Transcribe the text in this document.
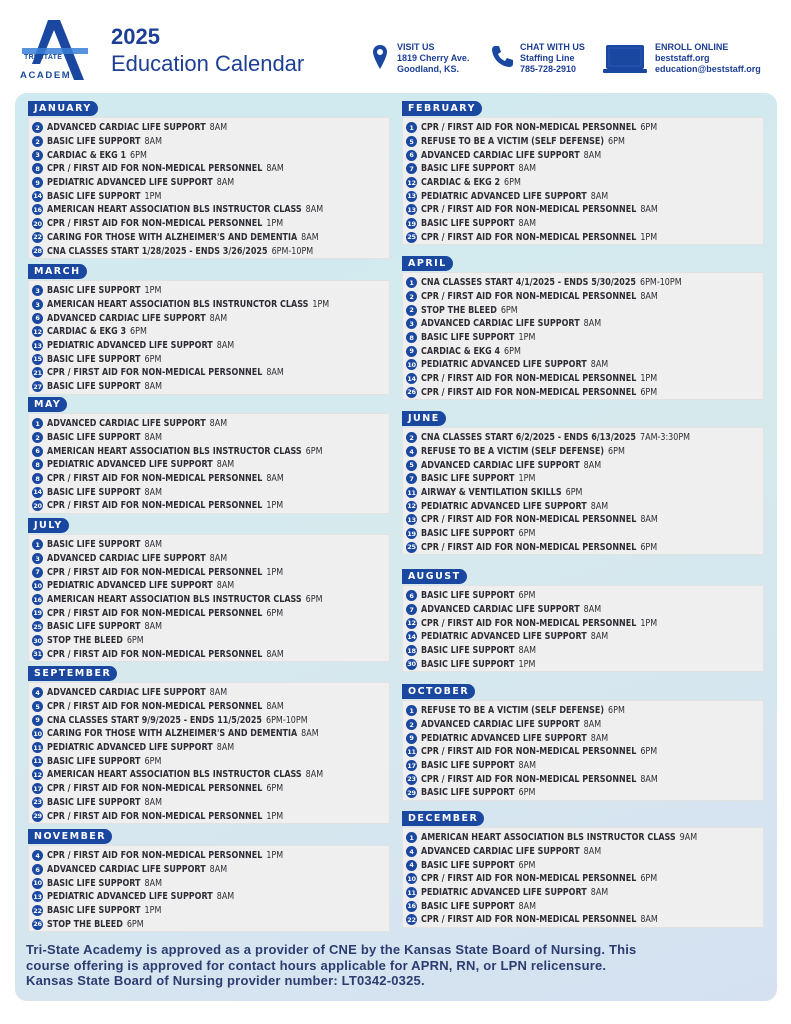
TRI-STATE
ACADEMY
2025
Education Calendar
VISIT US
1819 Cherry Ave.
Goodland, KS.
CHAT WITH US
Staffing Line
785-728-2910
ENROLL ONLINE
beststaff.org
education@beststaff.org
JANUARY
2 ADVANCED CARDIAC LIFE SUPPORT  8AM
2 BASIC LIFE SUPPORT  8AM
3 CARDIAC & EKG 1  6PM
8 CPR / FIRST AID FOR NON-MEDICAL PERSONNEL  8AM
9 PEDIATRIC ADVANCED LIFE SUPPORT  8AM
14 BASIC LIFE SUPPORT  1PM
16 AMERICAN HEART ASSOCIATION BLS INSTRUCTOR CLASS  8AM
20 CPR / FIRST AID FOR NON-MEDICAL PERSONNEL  1PM
22 CARING FOR THOSE WITH ALZHEIMER'S AND DEMENTIA  8AM
28 CNA CLASSES START 1/28/2025 - ENDS 3/26/2025  6PM-10PM
MARCH
3 BASIC LIFE SUPPORT  1PM
3 AMERICAN HEART ASSOCIATION BLS INSTRUNCTOR CLASS  1PM
6 ADVANCED CARDIAC LIFE SUPPORT  8AM
12 CARDIAC & EKG 3  6PM
13 PEDIATRIC ADVANCED LIFE SUPPORT  8AM
15 BASIC LIFE SUPPORT  6PM
21 CPR / FIRST AID FOR NON-MEDICAL PERSONNEL  8AM
27 BASIC LIFE SUPPORT  8AM
MAY
1 ADVANCED CARDIAC LIFE SUPPORT  8AM
2 BASIC LIFE SUPPORT  8AM
6 AMERICAN HEART ASSOCIATION BLS INSTRUCTOR CLASS  6PM
8 PEDIATRIC ADVANCED LIFE SUPPORT  8AM
8 CPR / FIRST AID FOR NON-MEDICAL PERSONNEL  8AM
14 BASIC LIFE SUPPORT  8AM
20 CPR / FIRST AID FOR NON-MEDICAL PERSONNEL  1PM
JULY
1 BASIC LIFE SUPPORT  8AM
3 ADVANCED CARDIAC LIFE SUPPORT  8AM
7 CPR / FIRST AID FOR NON-MEDICAL PERSONNEL  1PM
10 PEDIATRIC ADVANCED LIFE SUPPORT  8AM
16 AMERICAN HEART ASSOCIATION BLS INSTRUCTOR CLASS  6PM
19 CPR / FIRST AID FOR NON-MEDICAL PERSONNEL  6PM
25 BASIC LIFE SUPPORT  8AM
30 STOP THE BLEED  6PM
31 CPR / FIRST AID FOR NON-MEDICAL PERSONNEL  8AM
SEPTEMBER
4 ADVANCED CARDIAC LIFE SUPPORT  8AM
5 CPR / FIRST AID FOR NON-MEDICAL PERSONNEL  8AM
9 CNA CLASSES START 9/9/2025 - ENDS 11/5/2025  6PM-10PM
10 CARING FOR THOSE WITH ALZHEIMER'S AND DEMENTIA  8AM
11 PEDIATRIC ADVANCED LIFE SUPPORT  8AM
11 BASIC LIFE SUPPORT  6PM
12 AMERICAN HEART ASSOCIATION BLS INSTRUCTOR CLASS  8AM
17 CPR / FIRST AID FOR NON-MEDICAL PERSONNEL  6PM
23 BASIC LIFE SUPPORT  8AM
29 CPR / FIRST AID FOR NON-MEDICAL PERSONNEL  1PM
NOVEMBER
4 CPR / FIRST AID FOR NON-MEDICAL PERSONNEL  1PM
6 ADVANCED CARDIAC LIFE SUPPORT  8AM
10 BASIC LIFE SUPPORT  8AM
13 PEDIATRIC ADVANCED LIFE SUPPORT  8AM
22 BASIC LIFE SUPPORT  1PM
26 STOP THE BLEED  6PM
FEBRUARY
1 CPR / FIRST AID FOR NON-MEDICAL PERSONNEL  6PM
5 REFUSE TO BE A VICTIM (SELF DEFENSE)  6PM
6 ADVANCED CARDIAC LIFE SUPPORT  8AM
7 BASIC LIFE SUPPORT  8AM
12 CARDIAC & EKG 2  6PM
13 PEDIATRIC ADVANCED LIFE SUPPORT  8AM
13 CPR / FIRST AID FOR NON-MEDICAL PERSONNEL  8AM
19 BASIC LIFE SUPPORT  8AM
25 CPR / FIRST AID FOR NON-MEDICAL PERSONNEL  1PM
APRIL
1 CNA CLASSES START 4/1/2025 - ENDS 5/30/2025  6PM-10PM
2 CPR / FIRST AID FOR NON-MEDICAL PERSONNEL  8AM
2 STOP THE BLEED  6PM
3 ADVANCED CARDIAC LIFE SUPPORT  8AM
8 BASIC LIFE SUPPORT  1PM
9 CARDIAC & EKG 4  6PM
10 PEDIATRIC ADVANCED LIFE SUPPORT  8AM
14 CPR / FIRST AID FOR NON-MEDICAL PERSONNEL  1PM
26 CPR / FIRST AID FOR NON-MEDICAL PERSONNEL  6PM
JUNE
2 CNA CLASSES START 6/2/2025 - ENDS 6/13/2025  7AM-3:30PM
4 REFUSE TO BE A VICTIM (SELF DEFENSE)  6PM
5 ADVANCED CARDIAC LIFE SUPPORT  8AM
7 BASIC LIFE SUPPORT  1PM
11 AIRWAY & VENTILATION SKILLS  6PM
12 PEDIATRIC ADVANCED LIFE SUPPORT  8AM
13 CPR / FIRST AID FOR NON-MEDICAL PERSONNEL  8AM
19 BASIC LIFE SUPPORT  6PM
25 CPR / FIRST AID FOR NON-MEDICAL PERSONNEL  6PM
AUGUST
6 BASIC LIFE SUPPORT  6PM
7 ADVANCED CARDIAC LIFE SUPPORT  8AM
12 CPR / FIRST AID FOR NON-MEDICAL PERSONNEL  1PM
14 PEDIATRIC ADVANCED LIFE SUPPORT  8AM
18 BASIC LIFE SUPPORT  8AM
30 BASIC LIFE SUPPORT  1PM
OCTOBER
1 REFUSE TO BE A VICTIM (SELF DEFENSE)  6PM
2 ADVANCED CARDIAC LIFE SUPPORT  8AM
9 PEDIATRIC ADVANCED LIFE SUPPORT  8AM
11 CPR / FIRST AID FOR NON-MEDICAL PERSONNEL  6PM
17 BASIC LIFE SUPPORT  8AM
23 CPR / FIRST AID FOR NON-MEDICAL PERSONNEL  8AM
29 BASIC LIFE SUPPORT  6PM
DECEMBER
1 AMERICAN HEART ASSOCIATION BLS INSTRUCTOR CLASS  9AM
4 ADVANCED CARDIAC LIFE SUPPORT  8AM
4 BASIC LIFE SUPPORT  6PM
10 CPR / FIRST AID FOR NON-MEDICAL PERSONNEL  6PM
11 PEDIATRIC ADVANCED LIFE SUPPORT  8AM
16 BASIC LIFE SUPPORT  8AM
22 CPR / FIRST AID FOR NON-MEDICAL PERSONNEL  8AM
Tri-State Academy is approved as a provider of CNE by the Kansas State Board of Nursing. This
course offering is approved for contact hours applicable for APRN, RN, or LPN relicensure.
Kansas State Board of Nursing provider number: LT0342-0325.
